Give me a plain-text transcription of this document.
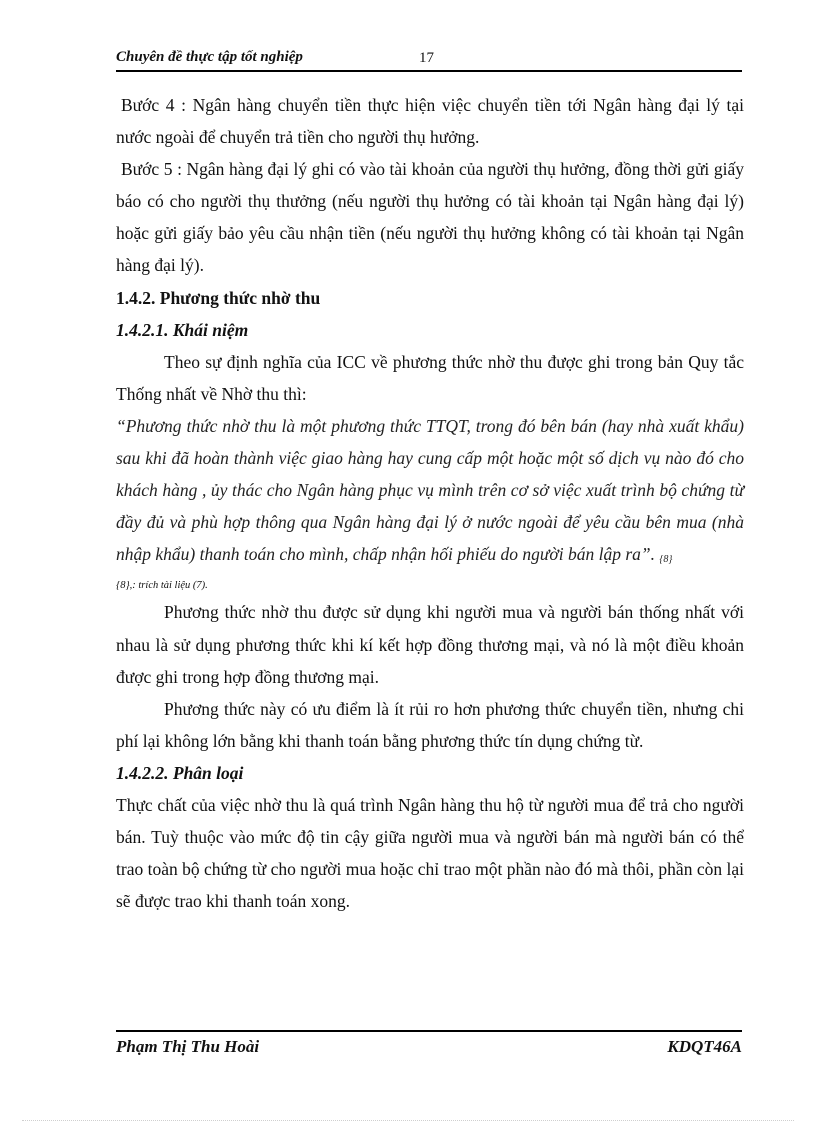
Chuyên đề thực tập tốt nghiệp	17

Bước 4 : Ngân hàng chuyển tiền thực hiện việc chuyển tiền tới Ngân hàng đại lý tại nước ngoài để chuyển trả tiền cho người thụ hưởng.

Bước 5 : Ngân hàng đại lý ghi có vào tài khoản của người thụ hưởng, đồng thời gửi giấy báo có cho người thụ thưởng (nếu người thụ hưởng có tài khoản tại Ngân hàng đại lý) hoặc gửi giấy bảo yêu cầu nhận tiền (nếu người thụ hưởng không có tài khoản tại Ngân hàng đại lý).

1.4.2. Phương thức nhờ thu

1.4.2.1. Khái niệm

Theo sự định nghĩa của ICC về phương thức nhờ thu được ghi trong bản Quy tắc Thống nhất về Nhờ thu thì:

“Phương thức nhờ thu là một phương thức TTQT, trong đó bên bán (hay nhà xuất khẩu) sau khi đã hoàn thành việc giao hàng hay cung cấp một hoặc một số dịch vụ nào đó cho khách hàng , ủy thác cho Ngân hàng phục vụ mình trên cơ sở việc xuất trình bộ chứng từ đầy đủ và phù hợp thông qua Ngân hàng đại lý ở nước ngoài để yêu cầu bên mua (nhà nhập khẩu) thanh toán cho mình, chấp nhận hối phiếu do người bán lập ra”. {8}

{8},: trích tài liệu (7).

Phương thức nhờ thu được sử dụng khi người mua và người bán thống nhất với nhau là sử dụng phương thức khi kí kết hợp đồng thương mại, và nó là một điều khoản được ghi trong hợp đồng thương mại.

Phương thức này có ưu điểm là ít rủi ro hơn phương thức chuyển tiền, nhưng chi phí lại không lớn bằng khi thanh toán bằng phương thức tín dụng chứng từ.

1.4.2.2. Phân loại

Thực chất của việc nhờ thu là quá trình Ngân hàng thu hộ từ người mua để trả cho người bán. Tuỳ thuộc vào mức độ tin cậy giữa người mua và người bán mà người bán có thể trao toàn bộ chứng từ cho người mua hoặc chỉ trao một phần nào đó mà thôi, phần còn lại sẽ được trao khi thanh toán xong.

Phạm Thị Thu Hoài	KDQT46A
